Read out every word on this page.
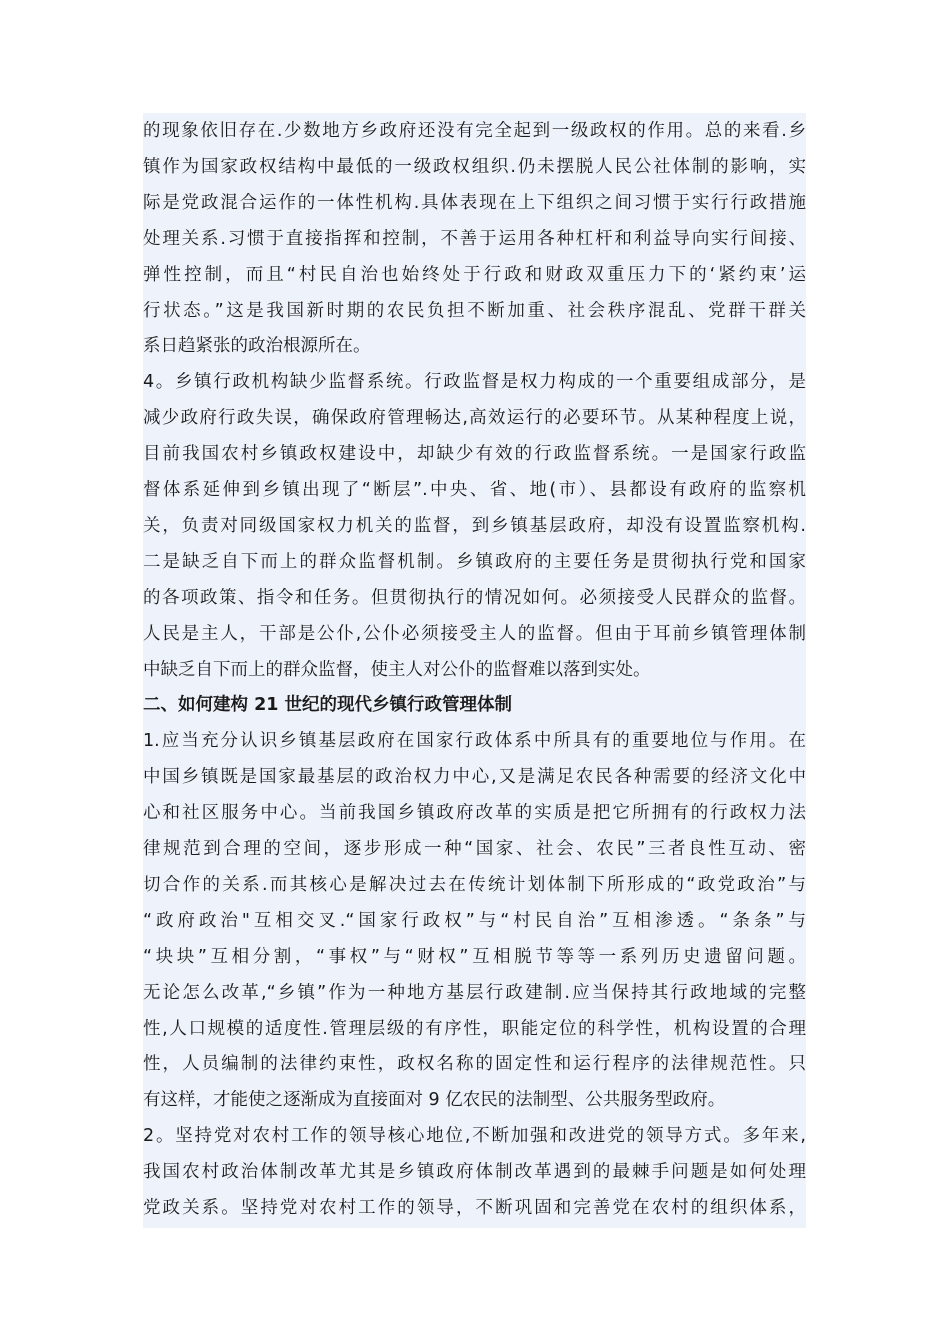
的现象依旧存在.少数地方乡政府还没有完全起到一级政权的作用。总的来看.乡
镇作为国家政权结构中最低的一级政权组织.仍未摆脱人民公社体制的影响，实
际是党政混合运作的一体性机构.具体表现在上下组织之间习惯于实行行政措施
处理关系.习惯于直接指挥和控制，不善于运用各种杠杆和利益导向实行间接、
弹性控制，而且“村民自治也始终处于行政和财政双重压力下的‘紧约束’运
行状态。”这是我国新时期的农民负担不断加重、社会秩序混乱、党群干群关
系日趋紧张的政治根源所在。
4。乡镇行政机构缺少监督系统。行政监督是权力构成的一个重要组成部分，是
减少政府行政失误，确保政府管理畅达,高效运行的必要环节。从某种程度上说，
目前我国农村乡镇政权建设中，却缺少有效的行政监督系统。一是国家行政监
督体系延伸到乡镇出现了“断层”.中央、省、地(市）、县都设有政府的监察机
关，负责对同级国家权力机关的监督，到乡镇基层政府，却没有设置监察机构.
二是缺乏自下而上的群众监督机制。乡镇政府的主要任务是贯彻执行党和国家
的各项政策、指令和任务。但贯彻执行的情况如何。必须接受人民群众的监督。
人民是主人，干部是公仆,公仆必须接受主人的监督。但由于耳前乡镇管理体制
中缺乏自下而上的群众监督，使主人对公仆的监督难以落到实处。
二、如何建构 21 世纪的现代乡镇行政管理体制
1.应当充分认识乡镇基层政府在国家行政体系中所具有的重要地位与作用。在
中国乡镇既是国家最基层的政治权力中心,又是满足农民各种需要的经济文化中
心和社区服务中心。当前我国乡镇政府改革的实质是把它所拥有的行政权力法
律规范到合理的空间，逐步形成一种“国家、社会、农民”三者良性互动、密
切合作的关系.而其核心是解决过去在传统计划体制下所形成的“政党政治”与
“政府政治"互相交叉.“国家行政权”与“村民自治”互相渗透。“条条”与
“块块”互相分割，“事权”与“财权”互相脱节等等一系列历史遗留问题。
无论怎么改革,“乡镇”作为一种地方基层行政建制.应当保持其行政地域的完整
性,人口规模的适度性.管理层级的有序性，职能定位的科学性，机构设置的合理
性，人员编制的法律约束性，政权名称的固定性和运行程序的法律规范性。只
有这样，才能使之逐渐成为直接面对 9 亿农民的法制型、公共服务型政府。
2。坚持党对农村工作的领导核心地位,不断加强和改进党的领导方式。多年来,
我国农村政治体制改革尤其是乡镇政府体制改革遇到的最棘手问题是如何处理
党政关系。坚持党对农村工作的领导，不断巩固和完善党在农村的组织体系，
